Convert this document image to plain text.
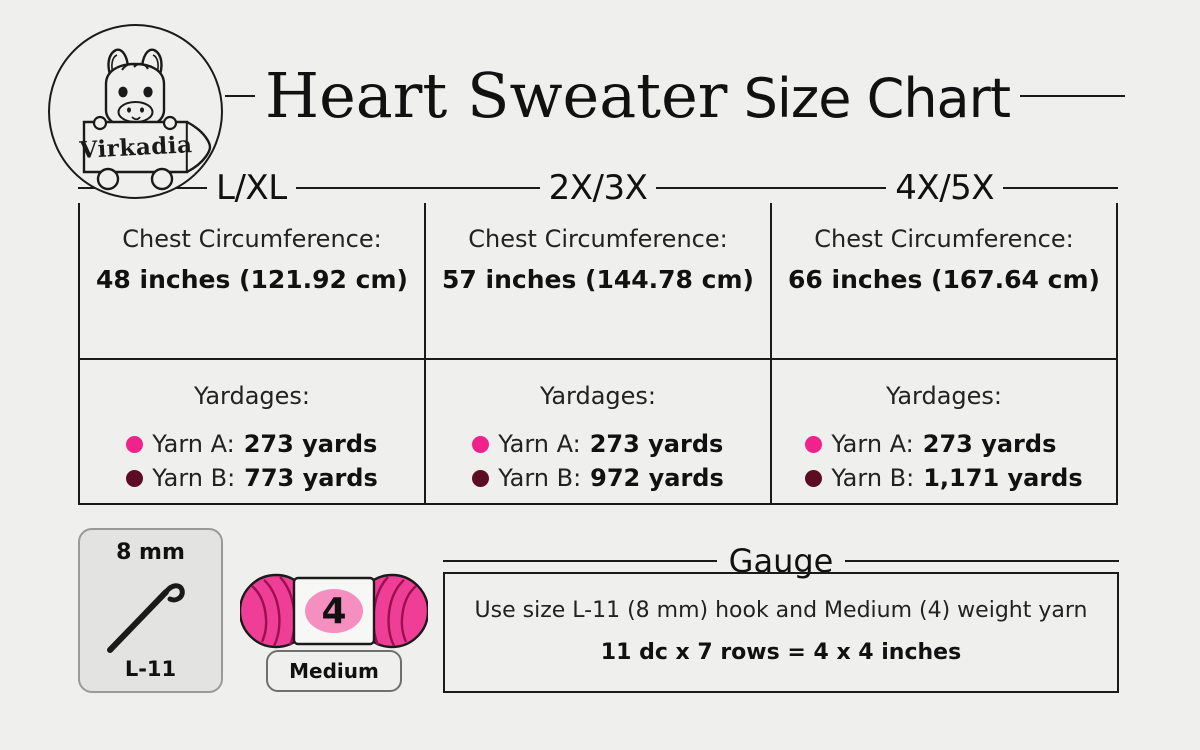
Virkadia
Heart Sweater Size Chart
L/XL	2X/3X	4X/5X
Chest Circumference:
48 inches (121.92 cm)
Chest Circumference:
57 inches (144.78 cm)
Chest Circumference:
66 inches (167.64 cm)
Yardages:
Yarn A: 273 yards
Yarn B: 773 yards
Yardages:
Yarn A: 273 yards
Yarn B: 972 yards
Yardages:
Yarn A: 273 yards
Yarn B: 1,171 yards
8 mm
L-11
4
Medium
Gauge
Use size L-11 (8 mm) hook and Medium (4) weight yarn
11 dc x 7 rows = 4 x 4 inches
